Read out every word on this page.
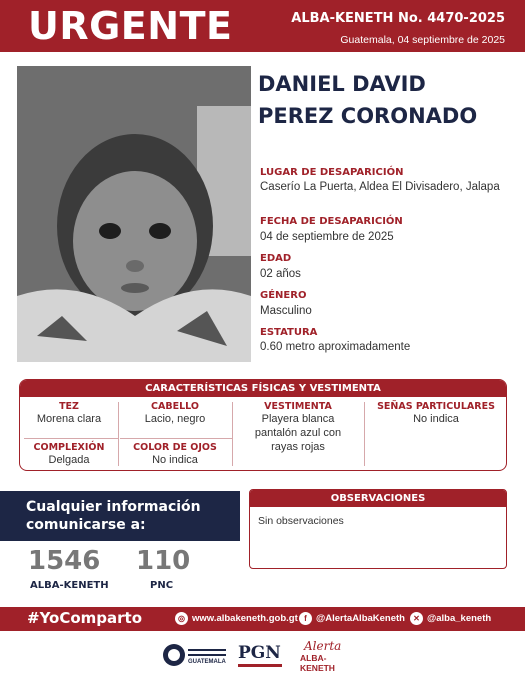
URGENTE	ALBA-KENETH No. 4470-2025
Guatemala, 04 septiembre de 2025
DANIEL DAVID
PEREZ CORONADO
LUGAR DE DESAPARICIÓN
Caserío La Puerta, Aldea El Divisadero, Jalapa
FECHA DE DESAPARICIÓN
04 de septiembre de 2025
EDAD
02 años
GÉNERO
Masculino
ESTATURA
0.60 metro aproximadamente
CARACTERÍSTICAS FÍSICAS Y VESTIMENTA
TEZ
Morena clara
CABELLO
Lacio, negro
VESTIMENTA
Playera blanca
pantalón azul con
rayas rojas
SEÑAS PARTICULARES
No indica
COMPLEXIÓN
Delgada
COLOR DE OJOS
No indica
Cualquier información
comunicarse a:
1546
ALBA-KENETH
110
PNC
OBSERVACIONES
Sin observaciones
#YoComparto	◎ www.albakeneth.gob.gt f @AlertaAlbaKeneth	✕ @alba_keneth
GUATEMALA PGN Alerta
ALBA-KENETH
